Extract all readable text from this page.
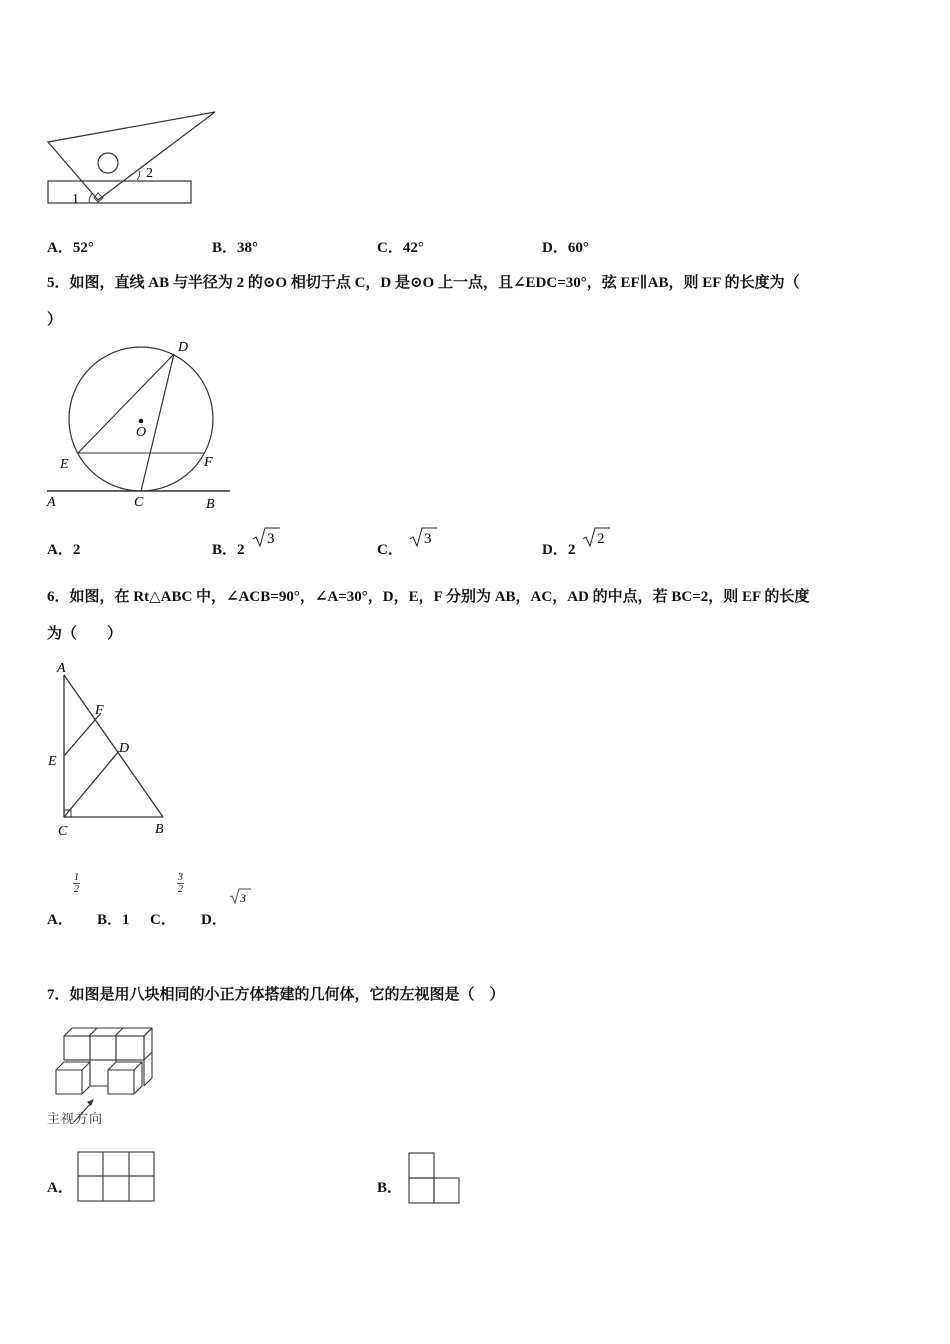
1
2
A．52°	B．38°	C．42°	D．60°
5．如图，直线 AB 与半径为 2 的⊙O 相切于点 C，D 是⊙O 上一点，且∠EDC=30°，弦 EF∥AB，则 EF 的长度为（
）
D
O
E	F
A	C	B
A．2	B．2
3
C．
3
D．2
2
6．如图，在 Rt△ABC 中，∠ACB=90°，∠A=30°，D，E，F 分别为 AB，AC，AD 的中点，若 BC=2，则 EF 的长度
为（　　）
A
F
D
E
C	B
1
2
3
2
3
A． B．1 C． D．
7．如图是用八块相同的小正方体搭建的几何体，它的左视图是（　）
主视方向
A．	B．
